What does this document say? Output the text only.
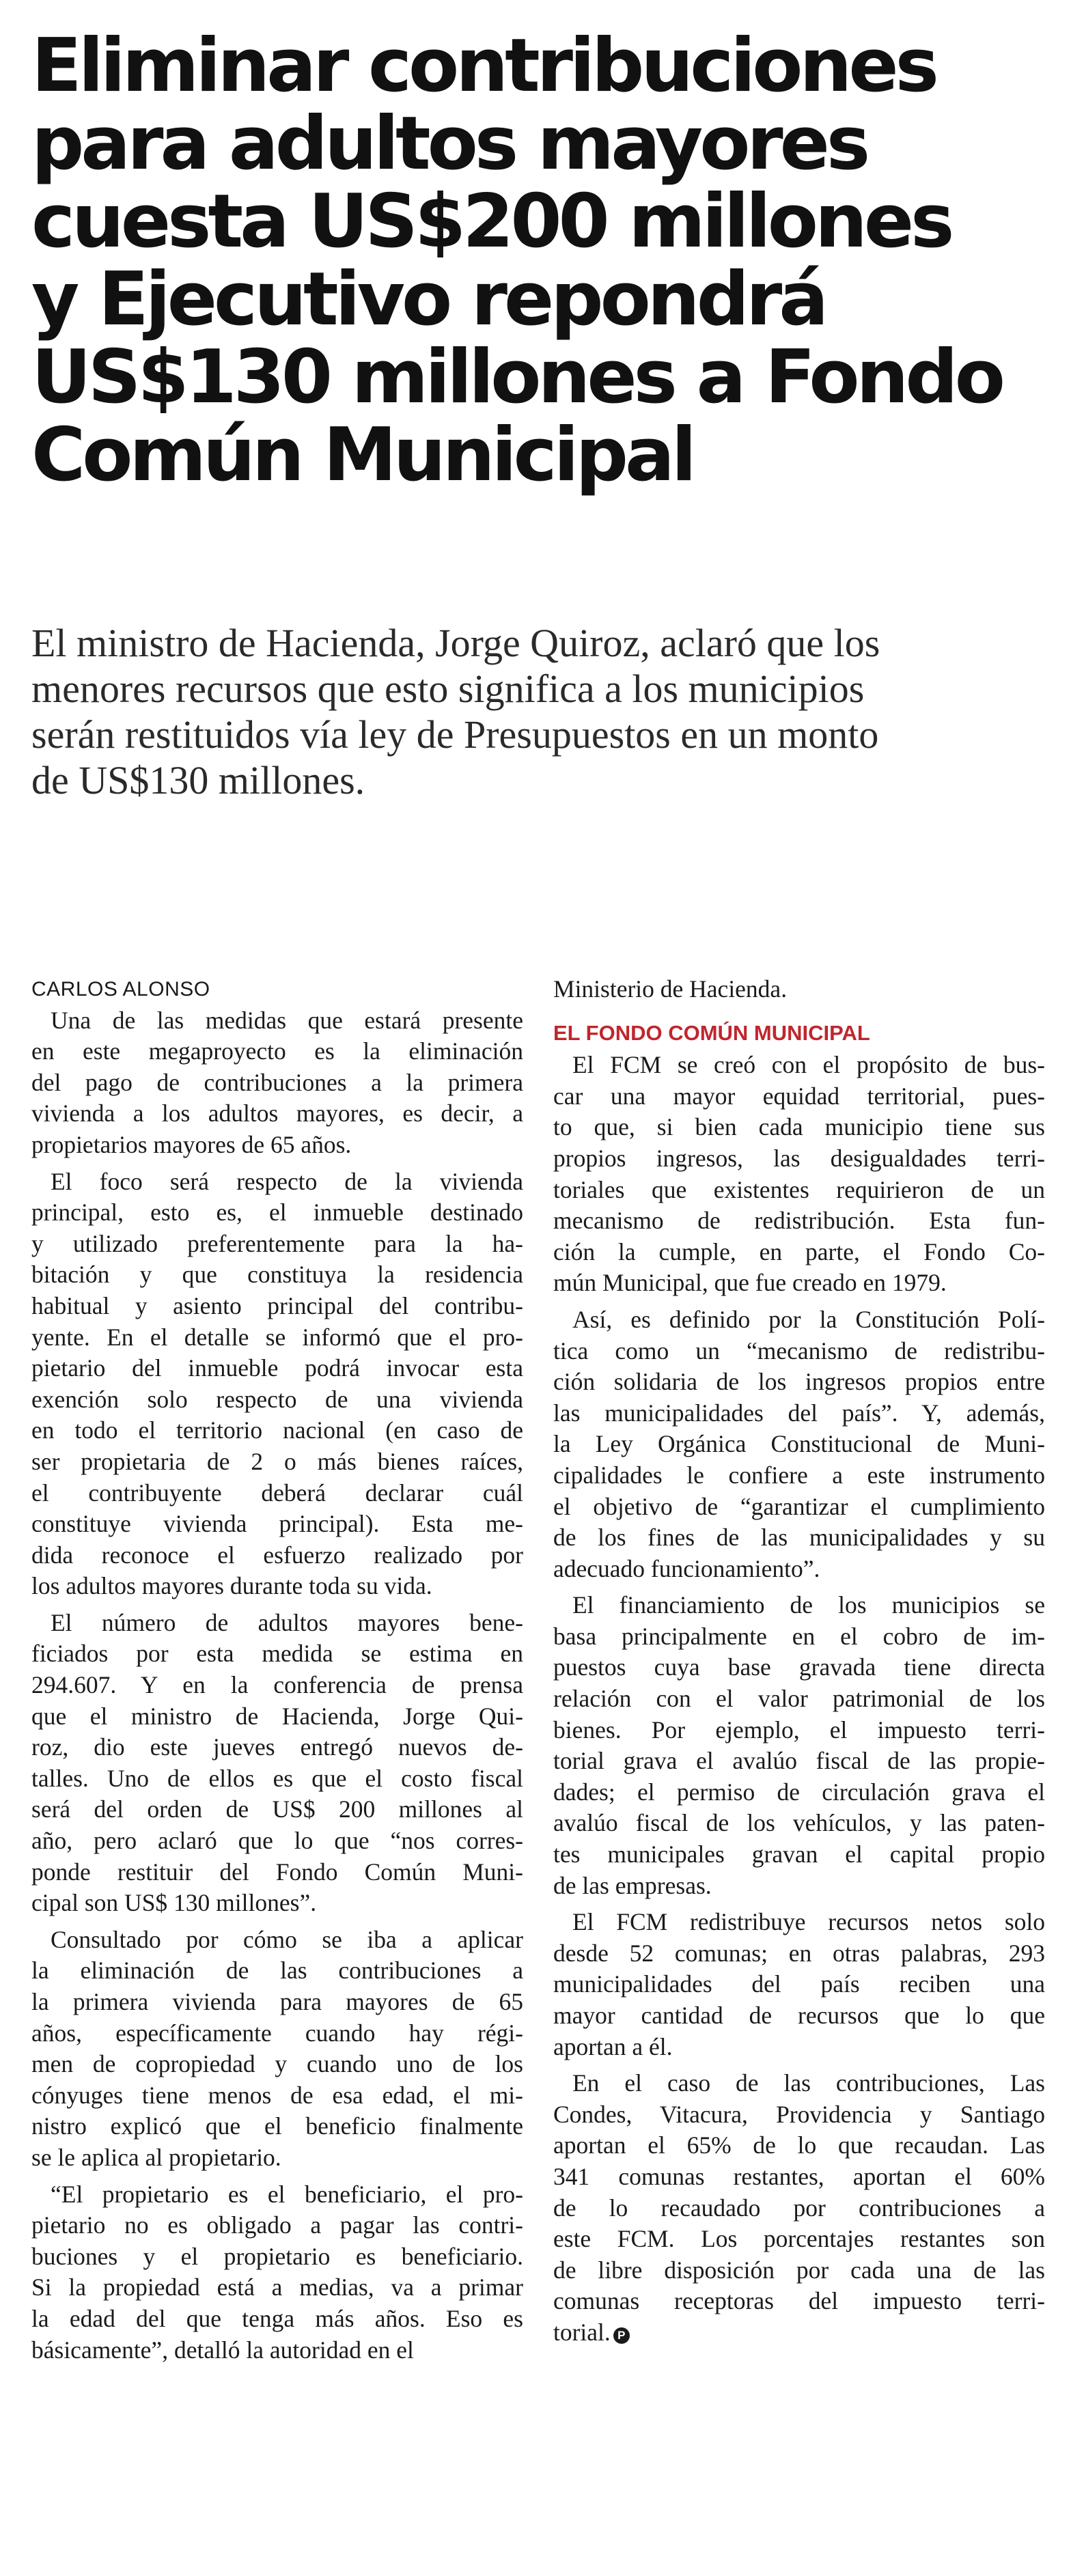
Eliminar contribuciones
para adultos mayores
cuesta US$200 millones
y Ejecutivo repondrá
US$130 millones a Fondo
Común Municipal
El ministro de Hacienda, Jorge Quiroz, aclaró que los
menores recursos que esto significa a los municipios
serán restituidos vía ley de Presupuestos en un monto
de US$130 millones.
CARLOS ALONSO
Una de las medidas que estará presente
en este megaproyecto es la eliminación
del pago de contribuciones a la primera
vivienda a los adultos mayores, es decir, a
propietarios mayores de 65 años.
El foco será respecto de la vivienda
principal, esto es, el inmueble destinado
y utilizado preferentemente para la ha-
bitación y que constituya la residencia
habitual y asiento principal del contribu-
yente. En el detalle se informó que el pro-
pietario del inmueble podrá invocar esta
exención solo respecto de una vivienda
en todo el territorio nacional (en caso de
ser propietaria de 2 o más bienes raíces,
el contribuyente deberá declarar cuál
constituye vivienda principal). Esta me-
dida reconoce el esfuerzo realizado por
los adultos mayores durante toda su vida.
El número de adultos mayores bene-
ficiados por esta medida se estima en
294.607. Y en la conferencia de prensa
que el ministro de Hacienda, Jorge Qui-
roz, dio este jueves entregó nuevos de-
talles. Uno de ellos es que el costo fiscal
será del orden de US$ 200 millones al
año, pero aclaró que lo que “nos corres-
ponde restituir del Fondo Común Muni-
cipal son US$ 130 millones”.
Consultado por cómo se iba a aplicar
la eliminación de las contribuciones a
la primera vivienda para mayores de 65
años, específicamente cuando hay régi-
men de copropiedad y cuando uno de los
cónyuges tiene menos de esa edad, el mi-
nistro explicó que el beneficio finalmente
se le aplica al propietario.
“El propietario es el beneficiario, el pro-
pietario no es obligado a pagar las contri-
buciones y el propietario es beneficiario.
Si la propiedad está a medias, va a primar
la edad del que tenga más años. Eso es
básicamente”, detalló la autoridad en el
Ministerio de Hacienda.
EL FONDO COMÚN MUNICIPAL
El FCM se creó con el propósito de bus-
car una mayor equidad territorial, pues-
to que, si bien cada municipio tiene sus
propios ingresos, las desigualdades terri-
toriales que existentes requirieron de un
mecanismo de redistribución. Esta fun-
ción la cumple, en parte, el Fondo Co-
mún Municipal, que fue creado en 1979.
Así, es definido por la Constitución Polí-
tica como un “mecanismo de redistribu-
ción solidaria de los ingresos propios entre
las municipalidades del país”. Y, además,
la Ley Orgánica Constitucional de Muni-
cipalidades le confiere a este instrumento
el objetivo de “garantizar el cumplimiento
de los fines de las municipalidades y su
adecuado funcionamiento”.
El financiamiento de los municipios se
basa principalmente en el cobro de im-
puestos cuya base gravada tiene directa
relación con el valor patrimonial de los
bienes. Por ejemplo, el impuesto terri-
torial grava el avalúo fiscal de las propie-
dades; el permiso de circulación grava el
avalúo fiscal de los vehículos, y las paten-
tes municipales gravan el capital propio
de las empresas.
El FCM redistribuye recursos netos solo
desde 52 comunas; en otras palabras, 293
municipalidades del país reciben una
mayor cantidad de recursos que lo que
aportan a él.
En el caso de las contribuciones, Las
Condes, Vitacura, Providencia y Santiago
aportan el 65% de lo que recaudan. Las
341 comunas restantes, aportan el 60%
de lo recaudado por contribuciones a
este FCM. Los porcentajes restantes son
de libre disposición por cada una de las
comunas receptoras del impuesto terri-
torial. P
